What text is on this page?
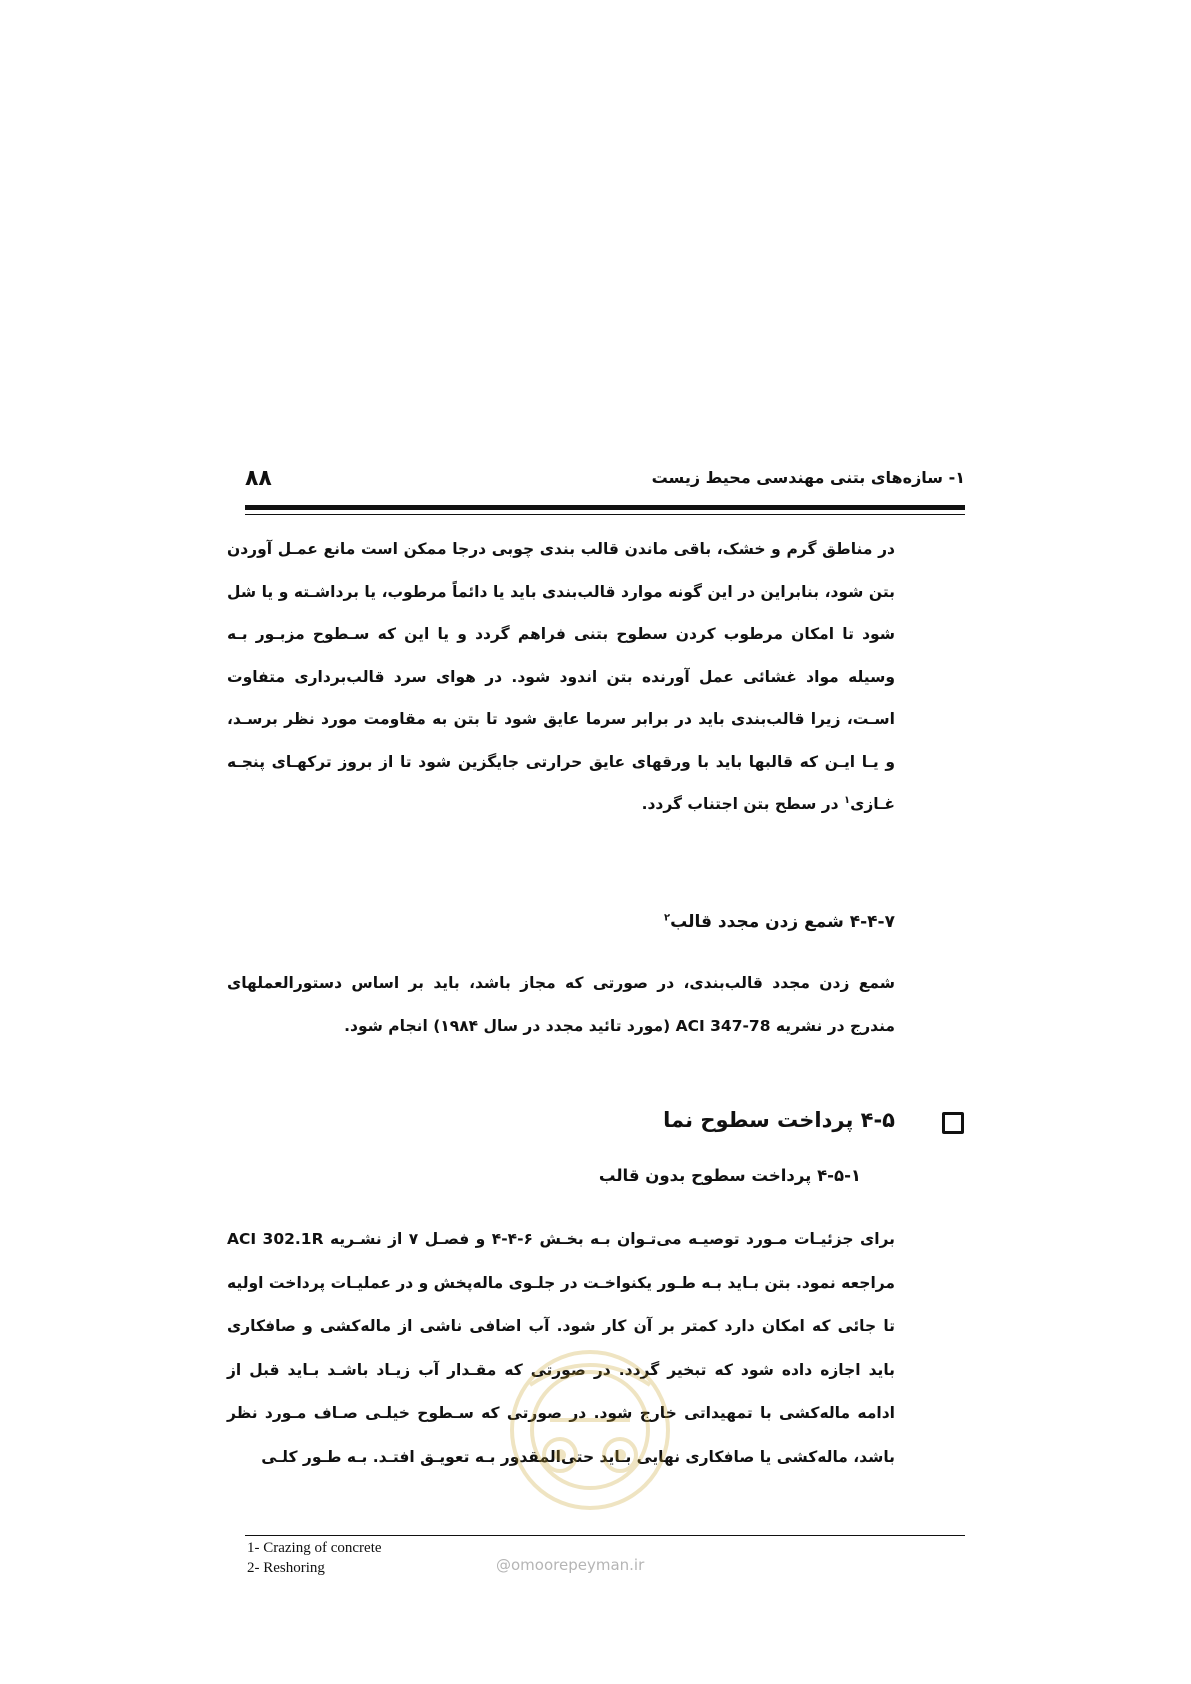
۸۸	۱- سازه‌های بتنی مهندسی محیط زیست

در مناطق گرم و خشک، باقی ماندن قالب بندی چوبی درجا ممکن است مانع عمـل آوردن بتن شود، بنابراین در این گونه موارد قالب‌بندی باید یا دائماً مرطوب، یا برداشـته و یا شل شود تا امکان مرطوب کردن سطوح بتنی فراهم گردد و یا این که سـطوح مزبـور بـه وسیله مواد غشائی عمل آورنده بتن اندود شود. در هوای سرد قالب‌برداری متفاوت اسـت، زیرا قالب‌بندی باید در برابر سرما عایق شود تا بتن به مقاومت مورد نظر برسـد، و یـا ایـن که قالبها باید با ورقهای عایق حرارتی جایگزین شود تا از بروز ترکهـای پنجـه غـازی$^۱$ در سطح بتن اجتناب گردد.

۴-۴-۷ شمع زدن مجدد قالب$^۲$

شمع زدن مجدد قالب‌بندی، در صورتی که مجاز باشد، باید بر اساس دستورالعملهای مندرج در نشریه ACI 347-78 (مورد تائید مجدد در سال ۱۹۸۴) انجام شود.

۴-۵ پرداخت سطوح نما
۴-۵-۱ پرداخت سطوح بدون قالب

برای جزئیـات مـورد توصیـه می‌تـوان بـه بخـش ۶-۴-۴ و فصـل ۷ از نشـریه ACI 302.1R مراجعه نمود. بتن بـاید بـه طـور یکنواخـت در جلـوی ماله‌پخش و در عملیـات پرداخت اولیه تا جائی که امکان دارد کمتر بر آن کار شود. آب اضافی ناشی از ماله‌کشی و صافکاری باید اجازه داده شود که تبخیر گردد. در صورتی که مقـدار آب زیـاد باشـد بـاید قبل از ادامه ماله‌کشی با تمهیداتی خارج شود. در صورتی که سـطوح خیلـی صـاف مـورد نظر باشد، ماله‌کشی یا صافکاری نهایی بـاید حتی‌المقدور بـه تعویـق افتـد. بـه طـور کلـی

@omoorepeyman.ir
1- Crazing of concrete
2- Reshoring
